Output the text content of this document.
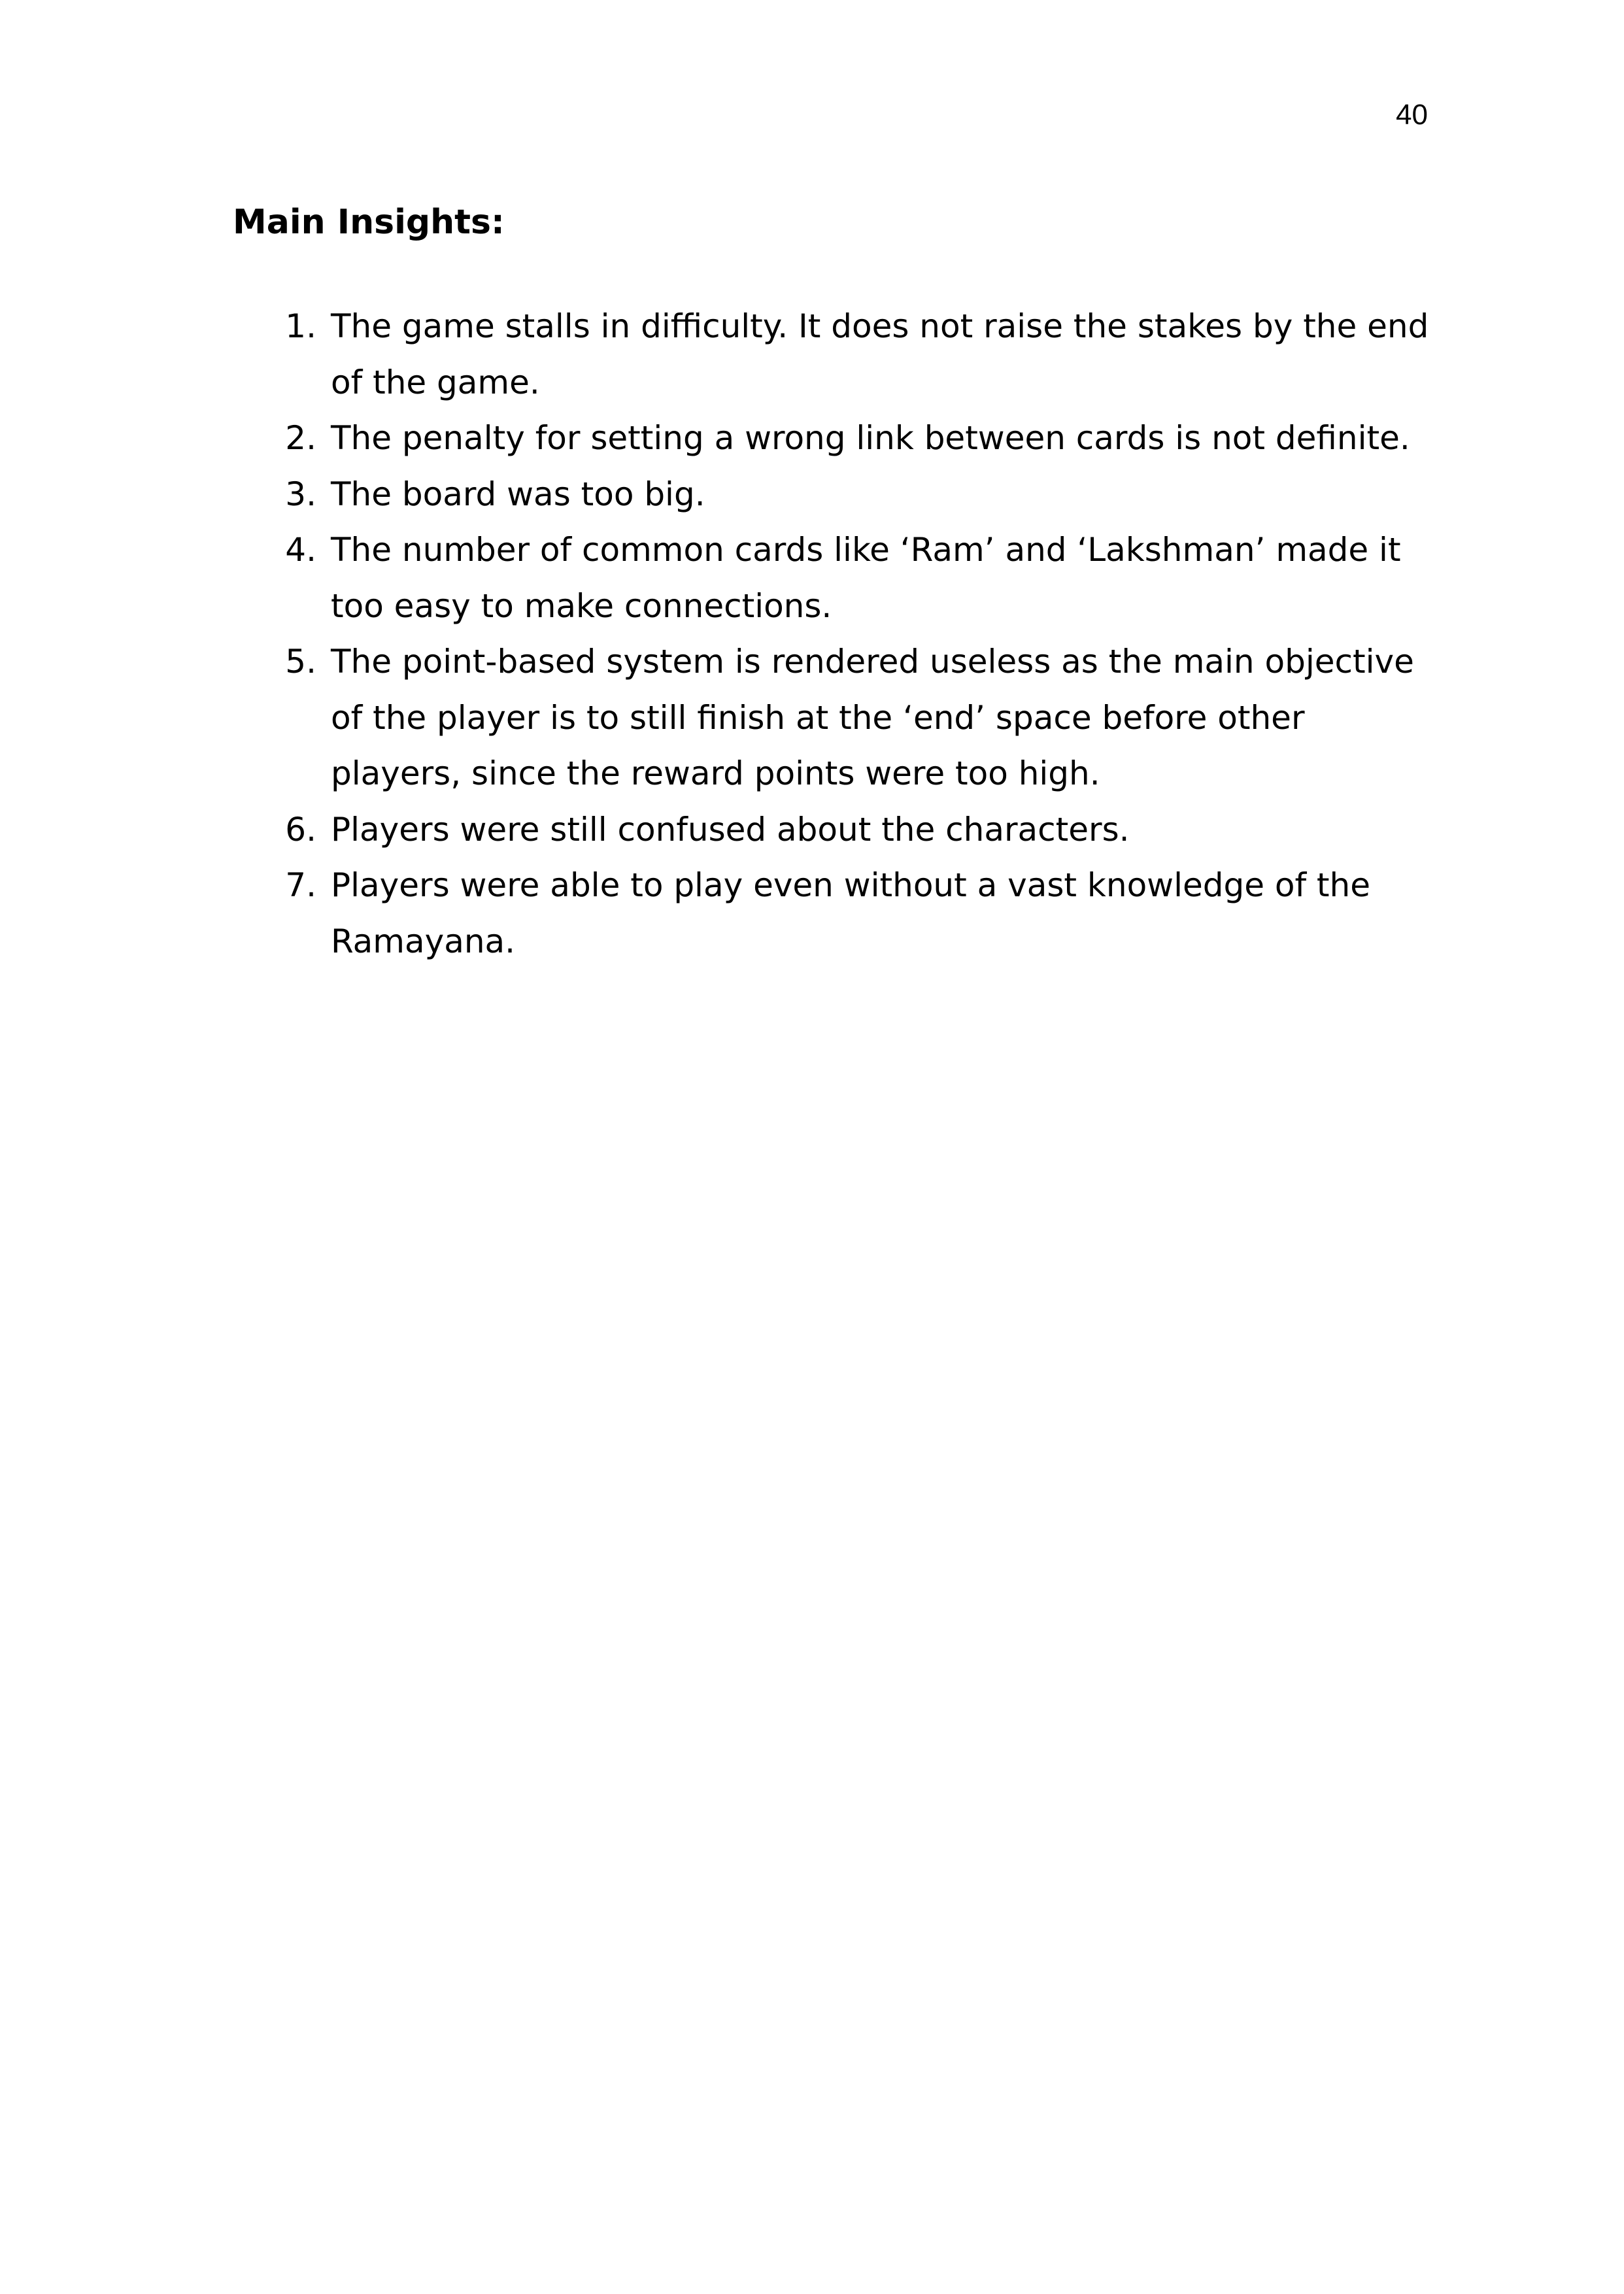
40
Main Insights:
1. The game stalls in difficulty. It does not raise the stakes by the end of the game.
2. The penalty for setting a wrong link between cards is not definite.
3. The board was too big.
4. The number of common cards like ‘Ram’ and ‘Lakshman’ made it too easy to make connections.
5. The point-based system is rendered useless as the main objective of the player is to still finish at the ‘end’ space before other players, since the reward points were too high.
6. Players were still confused about the characters.
7. Players were able to play even without a vast knowledge of the Ramayana.
